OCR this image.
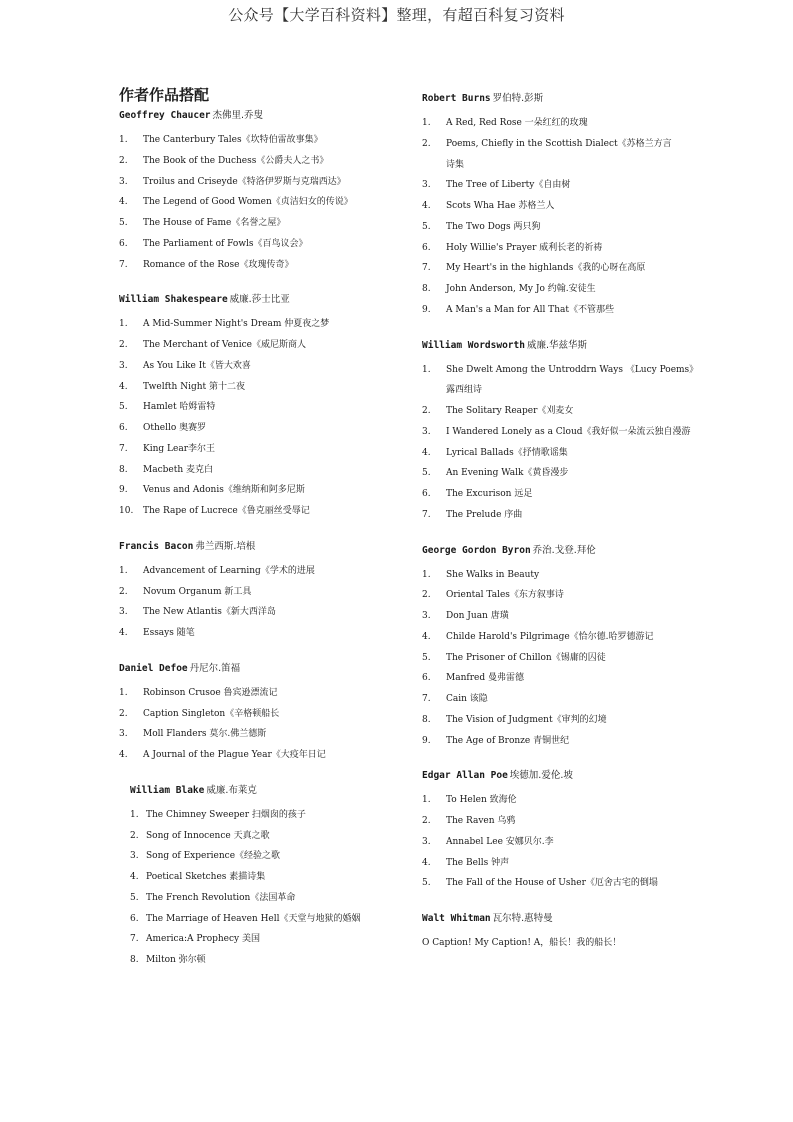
公众号【大学百科资料】整理，有超百科复习资料
作者作品搭配
Geoffrey Chaucer 杰佛里.乔叟
1.	The Canterbury Tales《坎特伯雷故事集》
2.	The Book of the Duchess《公爵夫人之书》
3.	Troilus and Criseyde《特洛伊罗斯与克瑞西达》
4.	The Legend of Good Women《贞洁妇女的传说》
5.	The House of Fame《名誉之屋》
6.	The Parliament of Fowls《百鸟议会》
7.	Romance of the Rose《玫瑰传奇》
William Shakespeare 威廉.莎士比亚
1.	A Mid-Summer Night's Dream 仲夏夜之梦
2.	The Merchant of Venice《威尼斯商人
3.	As You Like It《皆大欢喜
4.	Twelfth Night 第十二夜
5.	Hamlet 哈姆雷特
6.	Othello 奥赛罗
7.	King Lear李尔王
8.	Macbeth 麦克白
9.	Venus and Adonis《维纳斯和阿多尼斯
10.	The Rape of Lucrece《鲁克丽丝受辱记
Francis Bacon 弗兰西斯.培根
1.	Advancement of Learning《学术的进展
2.	Novum Organum 新工具
3.	The New Atlantis《新大西洋岛
4.	Essays 随笔
Daniel Defoe 丹尼尔.笛福
1.	Robinson Crusoe 鲁宾逊漂流记
2.	Caption Singleton《辛格顿船长
3.	Moll Flanders 莫尔.佛兰德斯
4.	A Journal of the Plague Year《大疫年日记
William Blake 威廉.布莱克
1. The Chimney Sweeper 扫烟囱的孩子
2. Song of Innocence 天真之歌
3. Song of Experience《经验之歌
4. Poetical Sketches 素描诗集
5. The French Revolution《法国革命
6. The Marriage of Heaven Hell《天堂与地狱的婚姻
7. America:A Prophecy 美国
8. Milton 弥尔顿
Robert Burns 罗伯特.彭斯
1.	A Red, Red Rose 一朵红红的玫瑰
2.	Poems, Chiefly in the Scottish Dialect《苏格兰方言诗集
3.	The Tree of Liberty《自由树
4.	Scots Wha Hae 苏格兰人
5.	The Two Dogs 两只狗
6.	Holy Willie's Prayer 威利长老的祈祷
7.	My Heart's in the highlands《我的心呀在高原
8.	John Anderson, My Jo 约翰.安徒生
9.	A Man's a Man for All That《不管那些
William Wordsworth 威廉.华兹华斯
1.	She Dwelt Among the Untroddrn Ways 《Lucy Poems》露西组诗
2.	The Solitary Reaper《刈麦女
3.	I Wandered Lonely as a Cloud《我好似一朵流云独自漫游
4.	Lyrical Ballads《抒情歌谣集
5.	An Evening Walk《黄昏漫步
6.	The Excurison 远足
7.	The Prelude 序曲
George Gordon Byron 乔治.戈登.拜伦
1.	She Walks in Beauty
2.	Oriental Tales《东方叙事诗
3.	Don Juan 唐璜
4.	Childe Harold's Pilgrimage《恰尔德.哈罗德游记
5.	The Prisoner of Chillon《锡庸的囚徒
6.	Manfred 曼弗雷德
7.	Cain 该隐
8.	The Vision of Judgment《审判的幻境
9.	The Age of Bronze 青铜世纪
Edgar Allan Poe 埃德加.爱伦.坡
1.	To Helen 致海伦
2.	The Raven 乌鸦
3.	Annabel Lee 安娜贝尔.李
4.	The Bells 钟声
5.	The Fall of the House of Usher《厄舍古宅的倒塌
Walt Whitman 瓦尔特.惠特曼
O Caption! My Caption! A，船长！我的船长！
